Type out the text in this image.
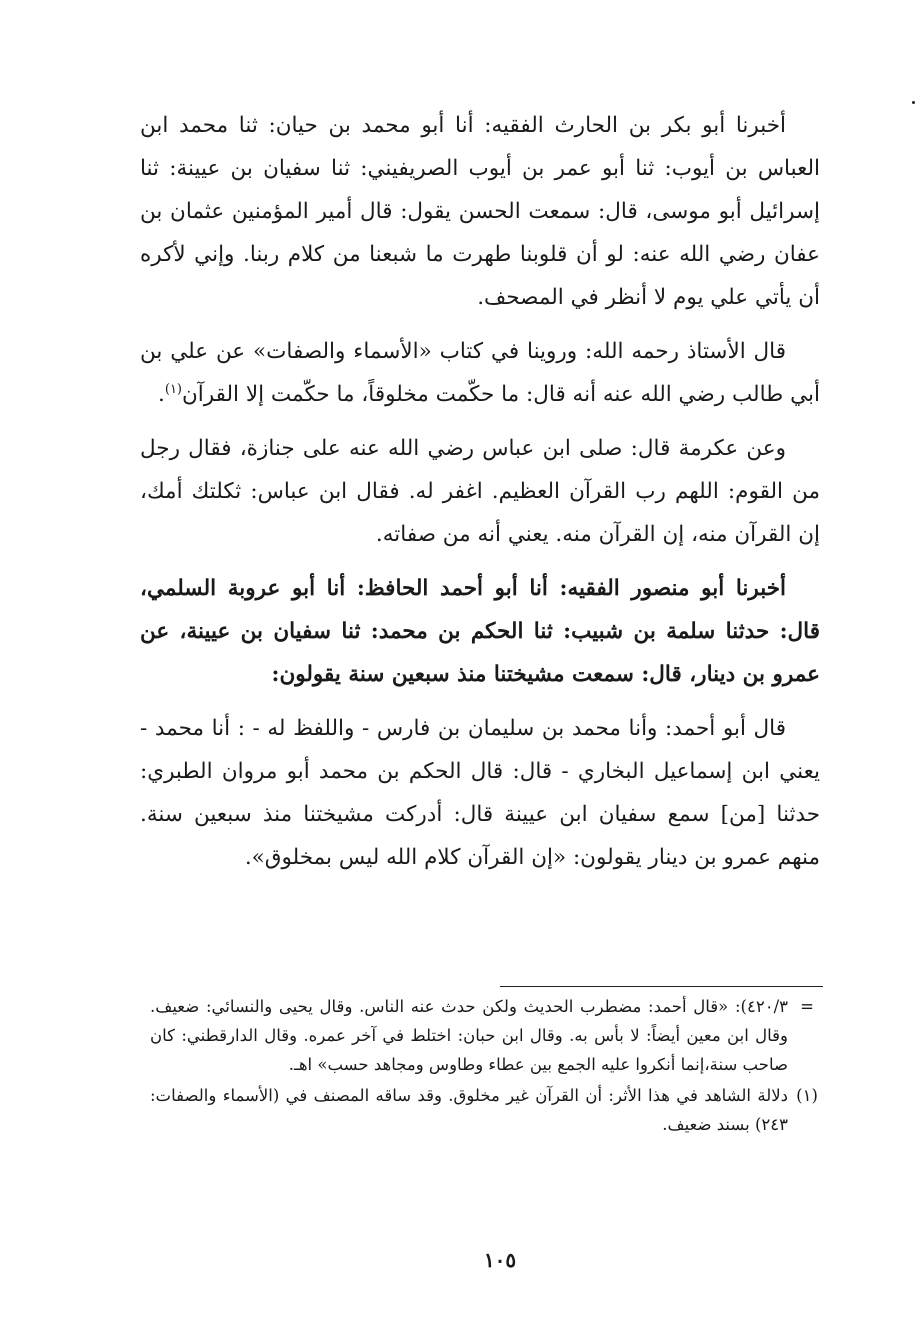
أخبرنا أبو بكر بن الحارث الفقيه: أنا أبو محمد بن حيان: ثنا محمد ابن العباس بن أيوب: ثنا أبو عمر بن أيوب الصريفيني: ثنا سفيان بن عيينة: ثنا إسرائيل أبو موسى، قال: سمعت الحسن يقول: قال أمير المؤمنين عثمان بن عفان رضي الله عنه: لو أن قلوبنا طهرت ما شبعنا من كلام ربنا. وإني لأكره أن يأتي علي يوم لا أنظر في المصحف.

قال الأستاذ رحمه الله: وروينا في كتاب «الأسماء والصفات» عن علي بن أبي طالب رضي الله عنه أنه قال: ما حكّمت مخلوقاً، ما حكّمت إلا القرآن$^{(١)}$.

وعن عكرمة قال: صلى ابن عباس رضي الله عنه على جنازة، فقال رجل من القوم: اللهم رب القرآن العظيم. اغفر له. فقال ابن عباس: ثكلتك أمك، إن القرآن منه، إن القرآن منه. يعني أنه من صفاته.

أخبرنا أبو منصور الفقيه: أنا أبو أحمد الحافظ: أنا أبو عروبة السلمي، قال: حدثنا سلمة بن شبيب: ثنا الحكم بن محمد: ثنا سفيان بن عيينة، عن عمرو بن دينار، قال: سمعت مشيختنا منذ سبعين سنة يقولون:

قال أبو أحمد: وأنا محمد بن سليمان بن فارس - واللفظ له - : أنا محمد - يعني ابن إسماعيل البخاري - قال: قال الحكم بن محمد أبو مروان الطبري: حدثنا [من] سمع سفيان ابن عيينة قال: أدركت مشيختنا منذ سبعين سنة. منهم عمرو بن دينار يقولون: «إن القرآن كلام الله ليس بمخلوق».

=
٤٢٠/٣): «قال أحمد: مضطرب الحديث ولكن حدث عنه الناس. وقال يحيى والنسائي: ضعيف. وقال ابن معين أيضاً: لا بأس به. وقال ابن حبان: اختلط في آخر عمره. وقال الدارقطني: كان صاحب سنة،إنما أنكروا عليه الجمع بين عطاء وطاوس ومجاهد حسب» اهـ.

(١)
دلالة الشاهد في هذا الأثر: أن القرآن غير مخلوق. وقد ساقه المصنف في (الأسماء والصفات: ٢٤٣) بسند ضعيف.

١٠٥
